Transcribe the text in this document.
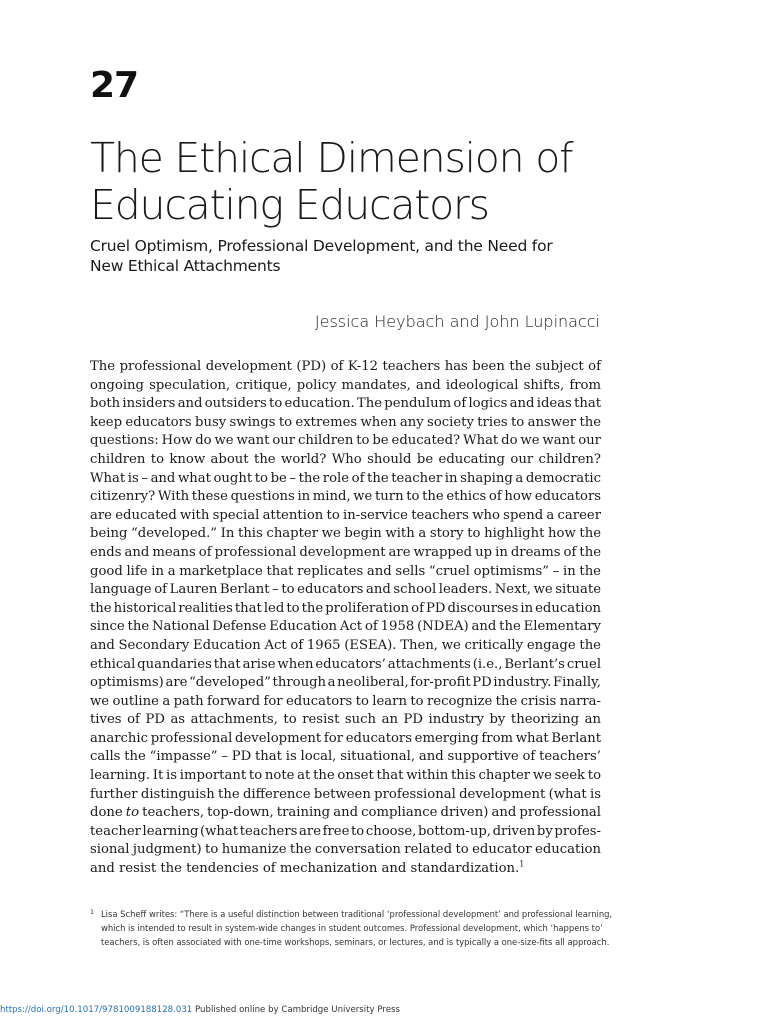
27
The Ethical Dimension of
Educating Educators
Cruel Optimism, Professional Development, and the Need for
New Ethical Attachments
Jessica Heybach and John Lupinacci
The professional development (PD) of K-12 teachers has been the subject of
ongoing speculation, critique, policy mandates, and ideological shifts, from
both insiders and outsiders to education. The pendulum of logics and ideas that
keep educators busy swings to extremes when any society tries to answer the
questions: How do we want our children to be educated? What do we want our
children to know about the world? Who should be educating our children?
What is – and what ought to be – the role of the teacher in shaping a democratic
citizenry? With these questions in mind, we turn to the ethics of how educators
are educated with special attention to in-service teachers who spend a career
being “developed.” In this chapter we begin with a story to highlight how the
ends and means of professional development are wrapped up in dreams of the
good life in a marketplace that replicates and sells “cruel optimisms” – in the
language of Lauren Berlant – to educators and school leaders. Next, we situate
the historical realities that led to the proliferation of PD discourses in education
since the National Defense Education Act of 1958 (NDEA) and the Elementary
and Secondary Education Act of 1965 (ESEA). Then, we critically engage the
ethical quandaries that arise when educators’ attachments (i.e., Berlant’s cruel
optimisms) are “developed” through a neoliberal, for-profit PD industry. Finally,
we outline a path forward for educators to learn to recognize the crisis narra-
tives of PD as attachments, to resist such an PD industry by theorizing an
anarchic professional development for educators emerging from what Berlant
calls the “impasse” – PD that is local, situational, and supportive of teachers’
learning. It is important to note at the onset that within this chapter we seek to
further distinguish the difference between professional development (what is
done to teachers, top-down, training and compliance driven) and professional
teacher learning (what teachers are free to choose, bottom-up, driven by profes-
sional judgment) to humanize the conversation related to educator education
and resist the tendencies of mechanization and standardization.$^1$
1 Lisa Scheff writes: “There is a useful distinction between traditional ‘professional development’ and professional learning,
which is intended to result in system-wide changes in student outcomes. Professional development, which ‘happens to’
teachers, is often associated with one-time workshops, seminars, or lectures, and is typically a one-size-fits all approach.
https://doi.org/10.1017/9781009188128.031 Published online by Cambridge University Press
